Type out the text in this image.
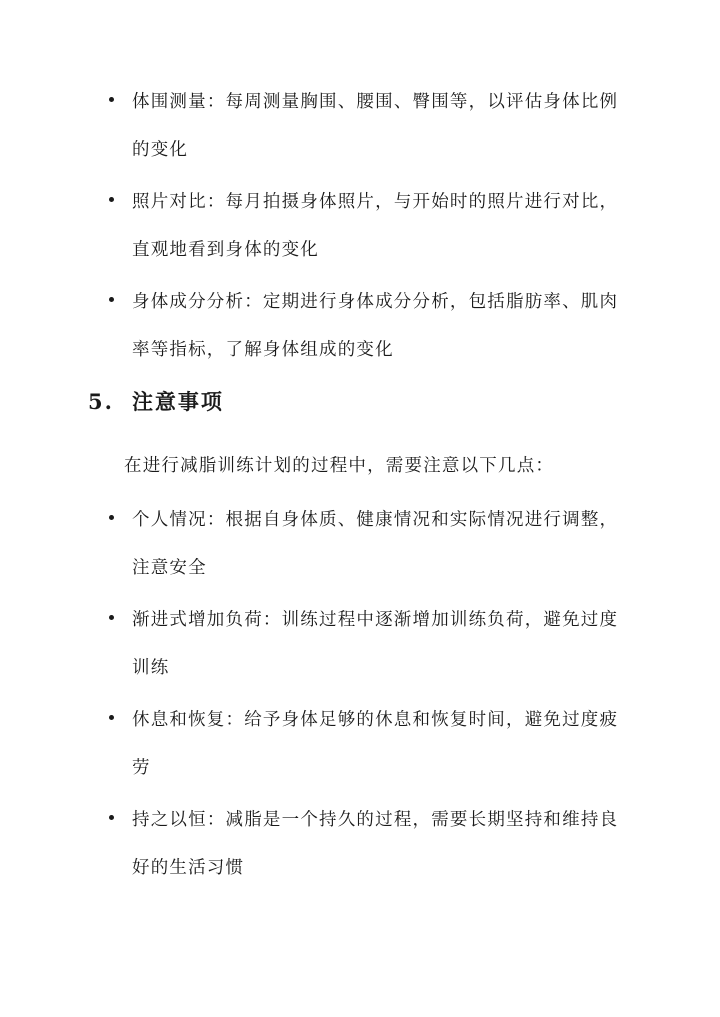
体围测量：每周测量胸围、腰围、臀围等，以评估身体比例的变化
照片对比：每月拍摄身体照片，与开始时的照片进行对比，直观地看到身体的变化
身体成分分析：定期进行身体成分分析，包括脂肪率、肌肉率等指标，了解身体组成的变化
5. 注意事项
在进行减脂训练计划的过程中，需要注意以下几点：
个人情况：根据自身体质、健康情况和实际情况进行调整，注意安全
渐进式增加负荷：训练过程中逐渐增加训练负荷，避免过度训练
休息和恢复：给予身体足够的休息和恢复时间，避免过度疲劳
持之以恒：减脂是一个持久的过程，需要长期坚持和维持良好的生活习惯
